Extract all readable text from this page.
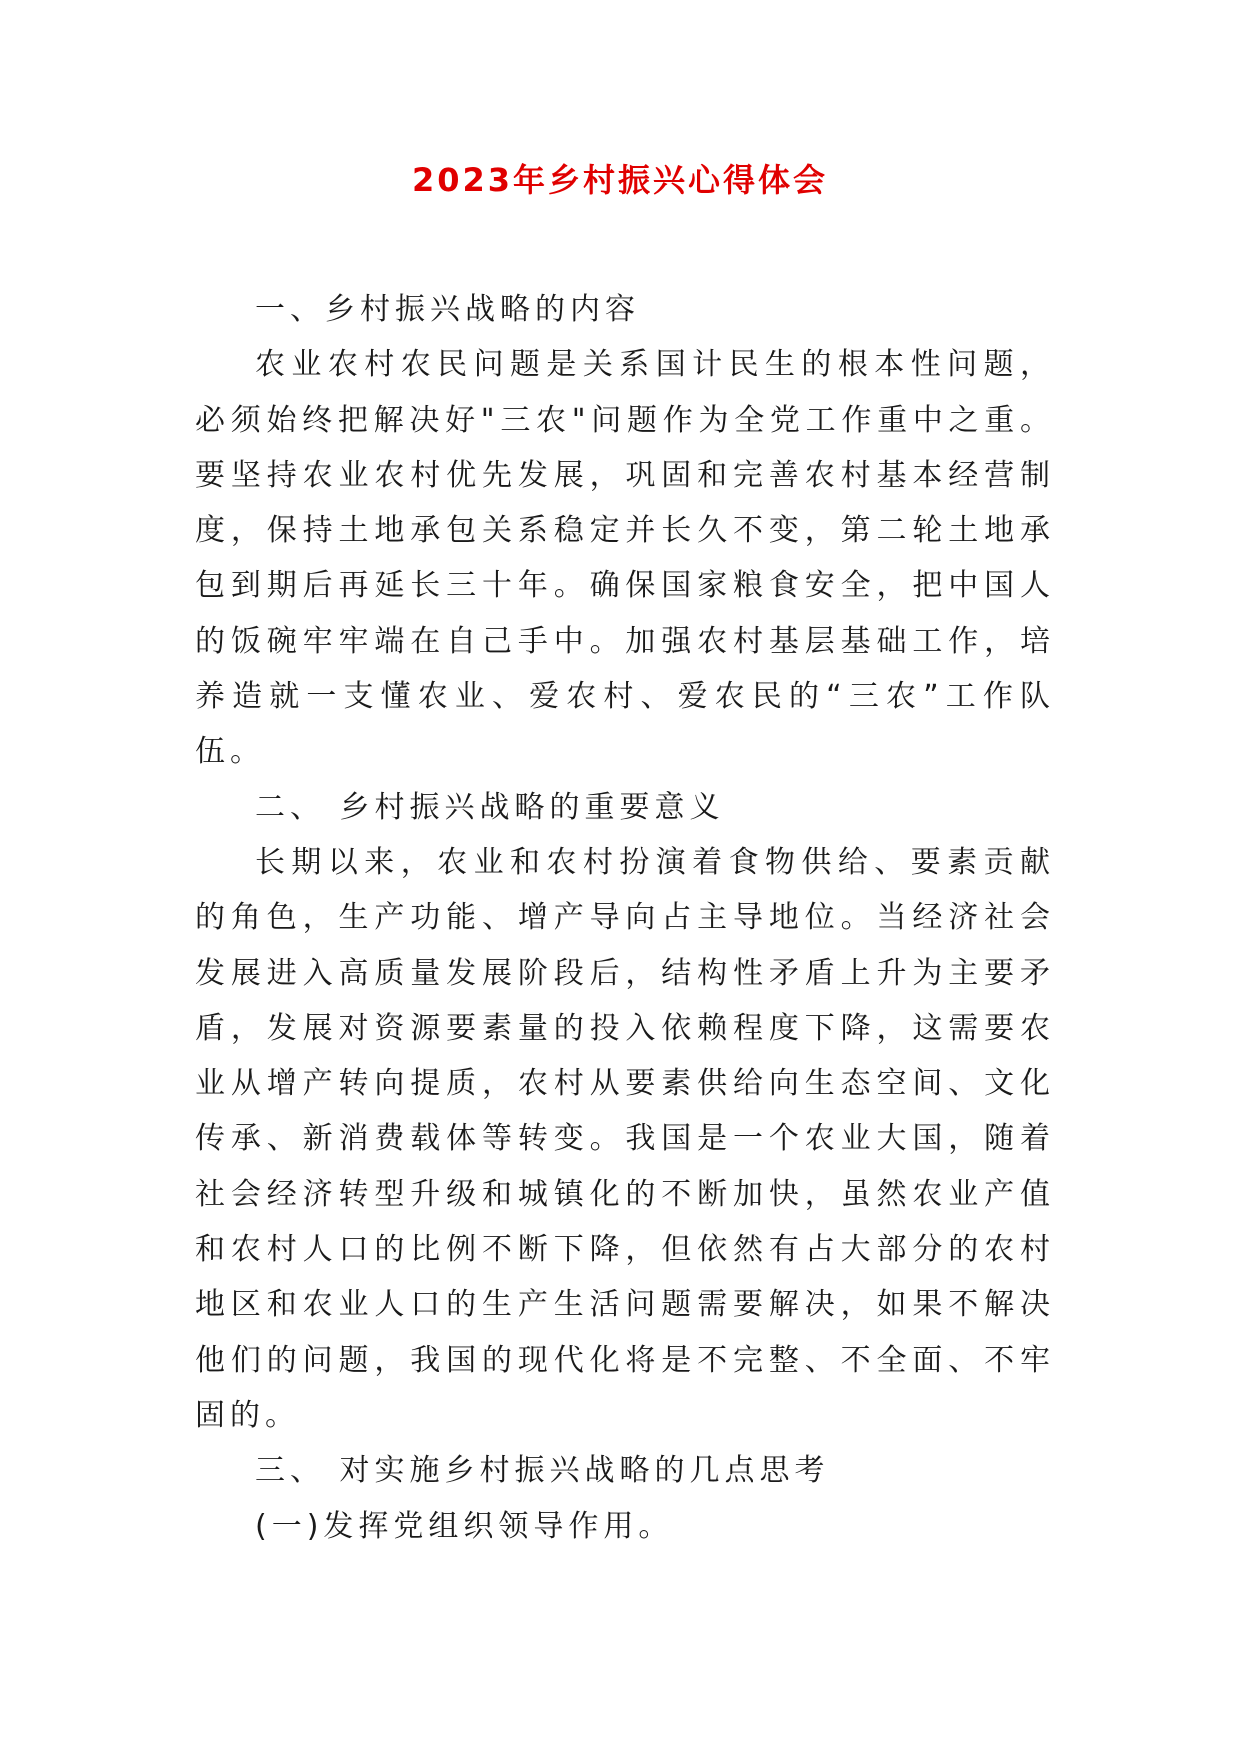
2023年乡村振兴心得体会

一、乡村振兴战略的内容

农业农村农民问题是关系国计民生的根本性问题，必须始终把解决好"三农"问题作为全党工作重中之重。要坚持农业农村优先发展，巩固和完善农村基本经营制度，保持土地承包关系稳定并长久不变，第二轮土地承包到期后再延长三十年。确保国家粮食安全，把中国人的饭碗牢牢端在自己手中。加强农村基层基础工作，培养造就一支懂农业、爱农村、爱农民的“三农”工作队伍。

二、 乡村振兴战略的重要意义

长期以来，农业和农村扮演着食物供给、要素贡献的角色，生产功能、增产导向占主导地位。当经济社会发展进入高质量发展阶段后，结构性矛盾上升为主要矛盾，发展对资源要素量的投入依赖程度下降，这需要农业从增产转向提质，农村从要素供给向生态空间、文化传承、新消费载体等转变。我国是一个农业大国，随着社会经济转型升级和城镇化的不断加快，虽然农业产值和农村人口的比例不断下降，但依然有占大部分的农村地区和农业人口的生产生活问题需要解决，如果不解决他们的问题，我国的现代化将是不完整、不全面、不牢固的。

三、 对实施乡村振兴战略的几点思考

(一)发挥党组织领导作用。
